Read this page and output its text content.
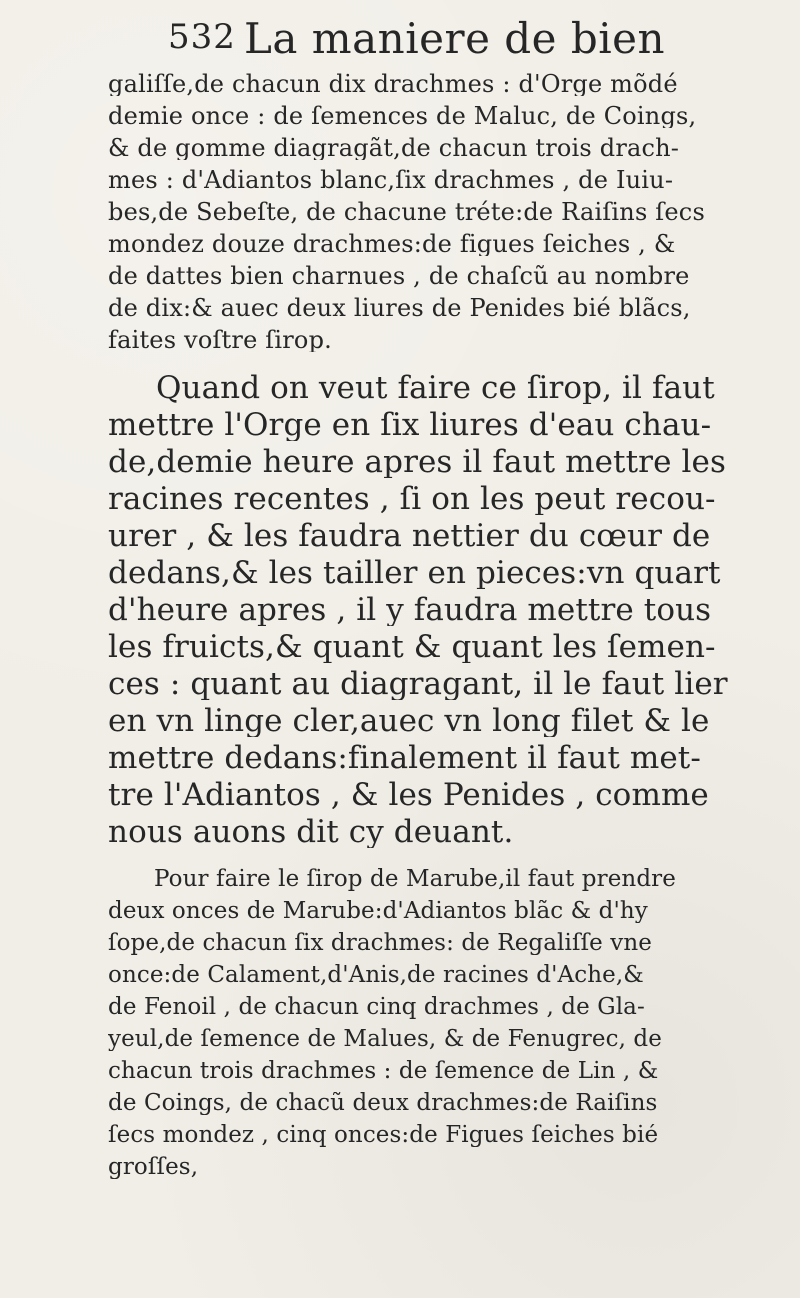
532 La maniere de bien
galiſſe,de chacun dix drachmes : d'Orge mõdé
demie once : de ſemences de Maluc, de Coings,
& de gomme diagragãt,de chacun trois drach-
mes : d'Adiantos blanc,ſix drachmes , de Iuiu-
bes,de Sebeſte, de chacune tréte:de Raiſins ſecs
mondez douze drachmes:de figues ſeiches , &
de dattes bien charnues , de chaſcũ au nombre
de dix:& auec deux liures de Penides bié blãcs,
faites voſtre ſirop.
Quand on veut faire ce ſirop, il faut
mettre l'Orge en ſix liures d'eau chau-
de,demie heure apres il faut mettre les
racines recentes , ſi on les peut recou-
urer , & les faudra nettier du cœur de
dedans,& les tailler en pieces:vn quart
d'heure apres , il y faudra mettre tous
les fruicts,& quant & quant les ſemen-
ces : quant au diagragant, il le faut lier
en vn linge cler,auec vn long filet & le
mettre dedans:finalement il faut met-
tre l'Adiantos , & les Penides , comme
nous auons dit cy deuant.
Pour faire le ſirop de Marube,il faut prendre
deux onces de Marube:d'Adiantos blãc & d'hy
ſope,de chacun ſix drachmes: de Regaliſſe vne
once:de Calament,d'Anis,de racines d'Ache,&
de Fenoil , de chacun cinq drachmes , de Gla-
yeul,de ſemence de Malues, & de Fenugrec, de
chacun trois drachmes : de ſemence de Lin , &
de Coings, de chacũ deux drachmes:de Raiſins
ſecs mondez , cinq onces:de Figues ſeiches bié
groſſes,
